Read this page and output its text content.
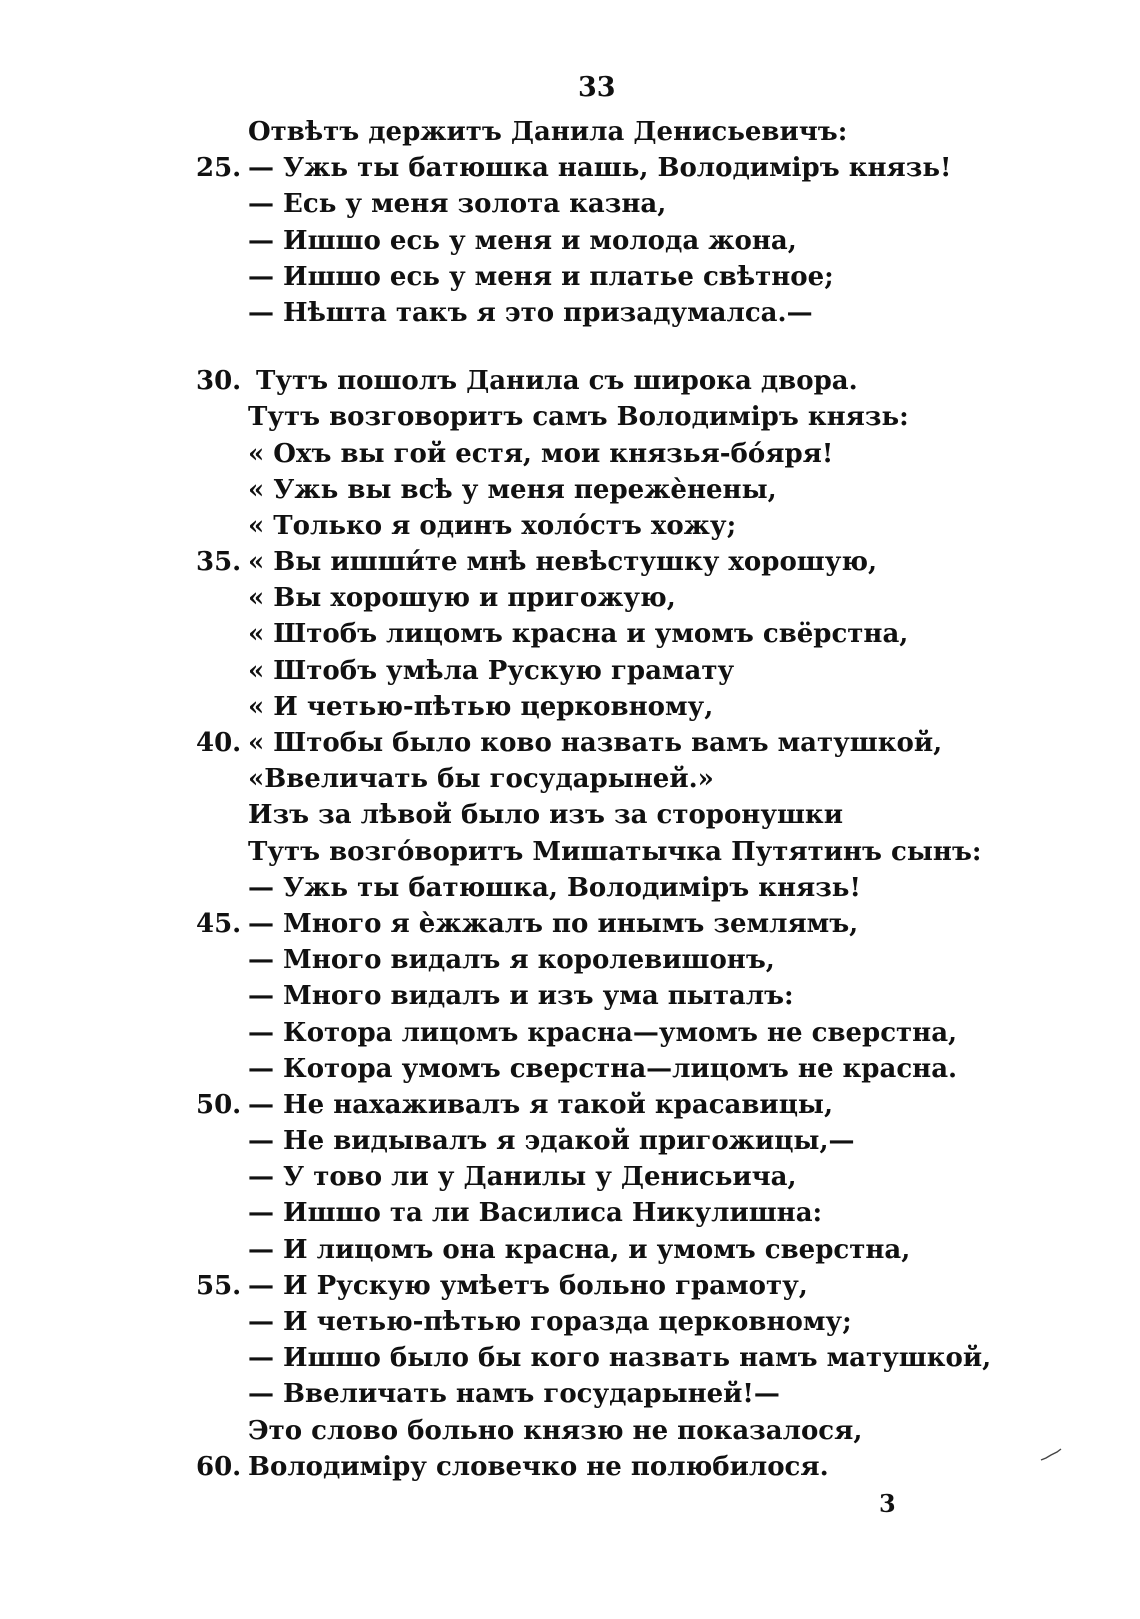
33
Отвѣтъ держитъ Данила Денисьевичъ:
25. — Ужь ты батюшка нашь, Володиміръ князь!
— Есь у меня золота казна,
— Ишшо есь у меня и молода жона,
— Ишшо есь у меня и платье свѣтное;
— Нѣшта такъ я это призадумалса.—
30. Тутъ пошолъ Данила съ широка двора.
Тутъ возговоритъ самъ Володиміръ князь:
« Охъ вы гой естя, мои князья-бо́яря!
« Ужь вы всѣ у меня пережѐнены,
« Только я одинъ холо́стъ хожу;
35. « Вы ишши́те мнѣ невѣстушку хорошую,
« Вы хорошую и пригожую,
« Штобъ лицомъ красна и умомъ свёрстна,
« Штобъ умѣла Рускую грамату
« И четью-пѣтью церковному,
40. « Штобы было ково назвать вамъ матушкой,
«Ввеличать бы государыней.»
Изъ за лѣвой было изъ за сторонушки
Тутъ возго́воритъ Мишатычка Путятинъ сынъ:
— Ужь ты батюшка, Володиміръ князь!
45. — Много я ѐжжалъ по инымъ землямъ,
— Много видалъ я королевишонъ,
— Много видалъ и изъ ума пыталъ:
— Котора лицомъ красна—умомъ не сверстна,
— Котора умомъ сверстна—лицомъ не красна.
50. — Не нахаживалъ я такой красавицы,
— Не видывалъ я эдакой пригожицы,—
— У тово ли у Данилы у Денисьича,
— Ишшо та ли Василиса Никулишна:
— И лицомъ она красна, и умомъ сверстна,
55. — И Рускую умѣетъ больно грамоту,
— И четью-пѣтью горазда церковному;
— Ишшо было бы кого назвать намъ матушкой,
— Ввеличать намъ государыней!—
Это слово больно князю не показалося,
60. Володиміру словечко не полюбилося.
3
